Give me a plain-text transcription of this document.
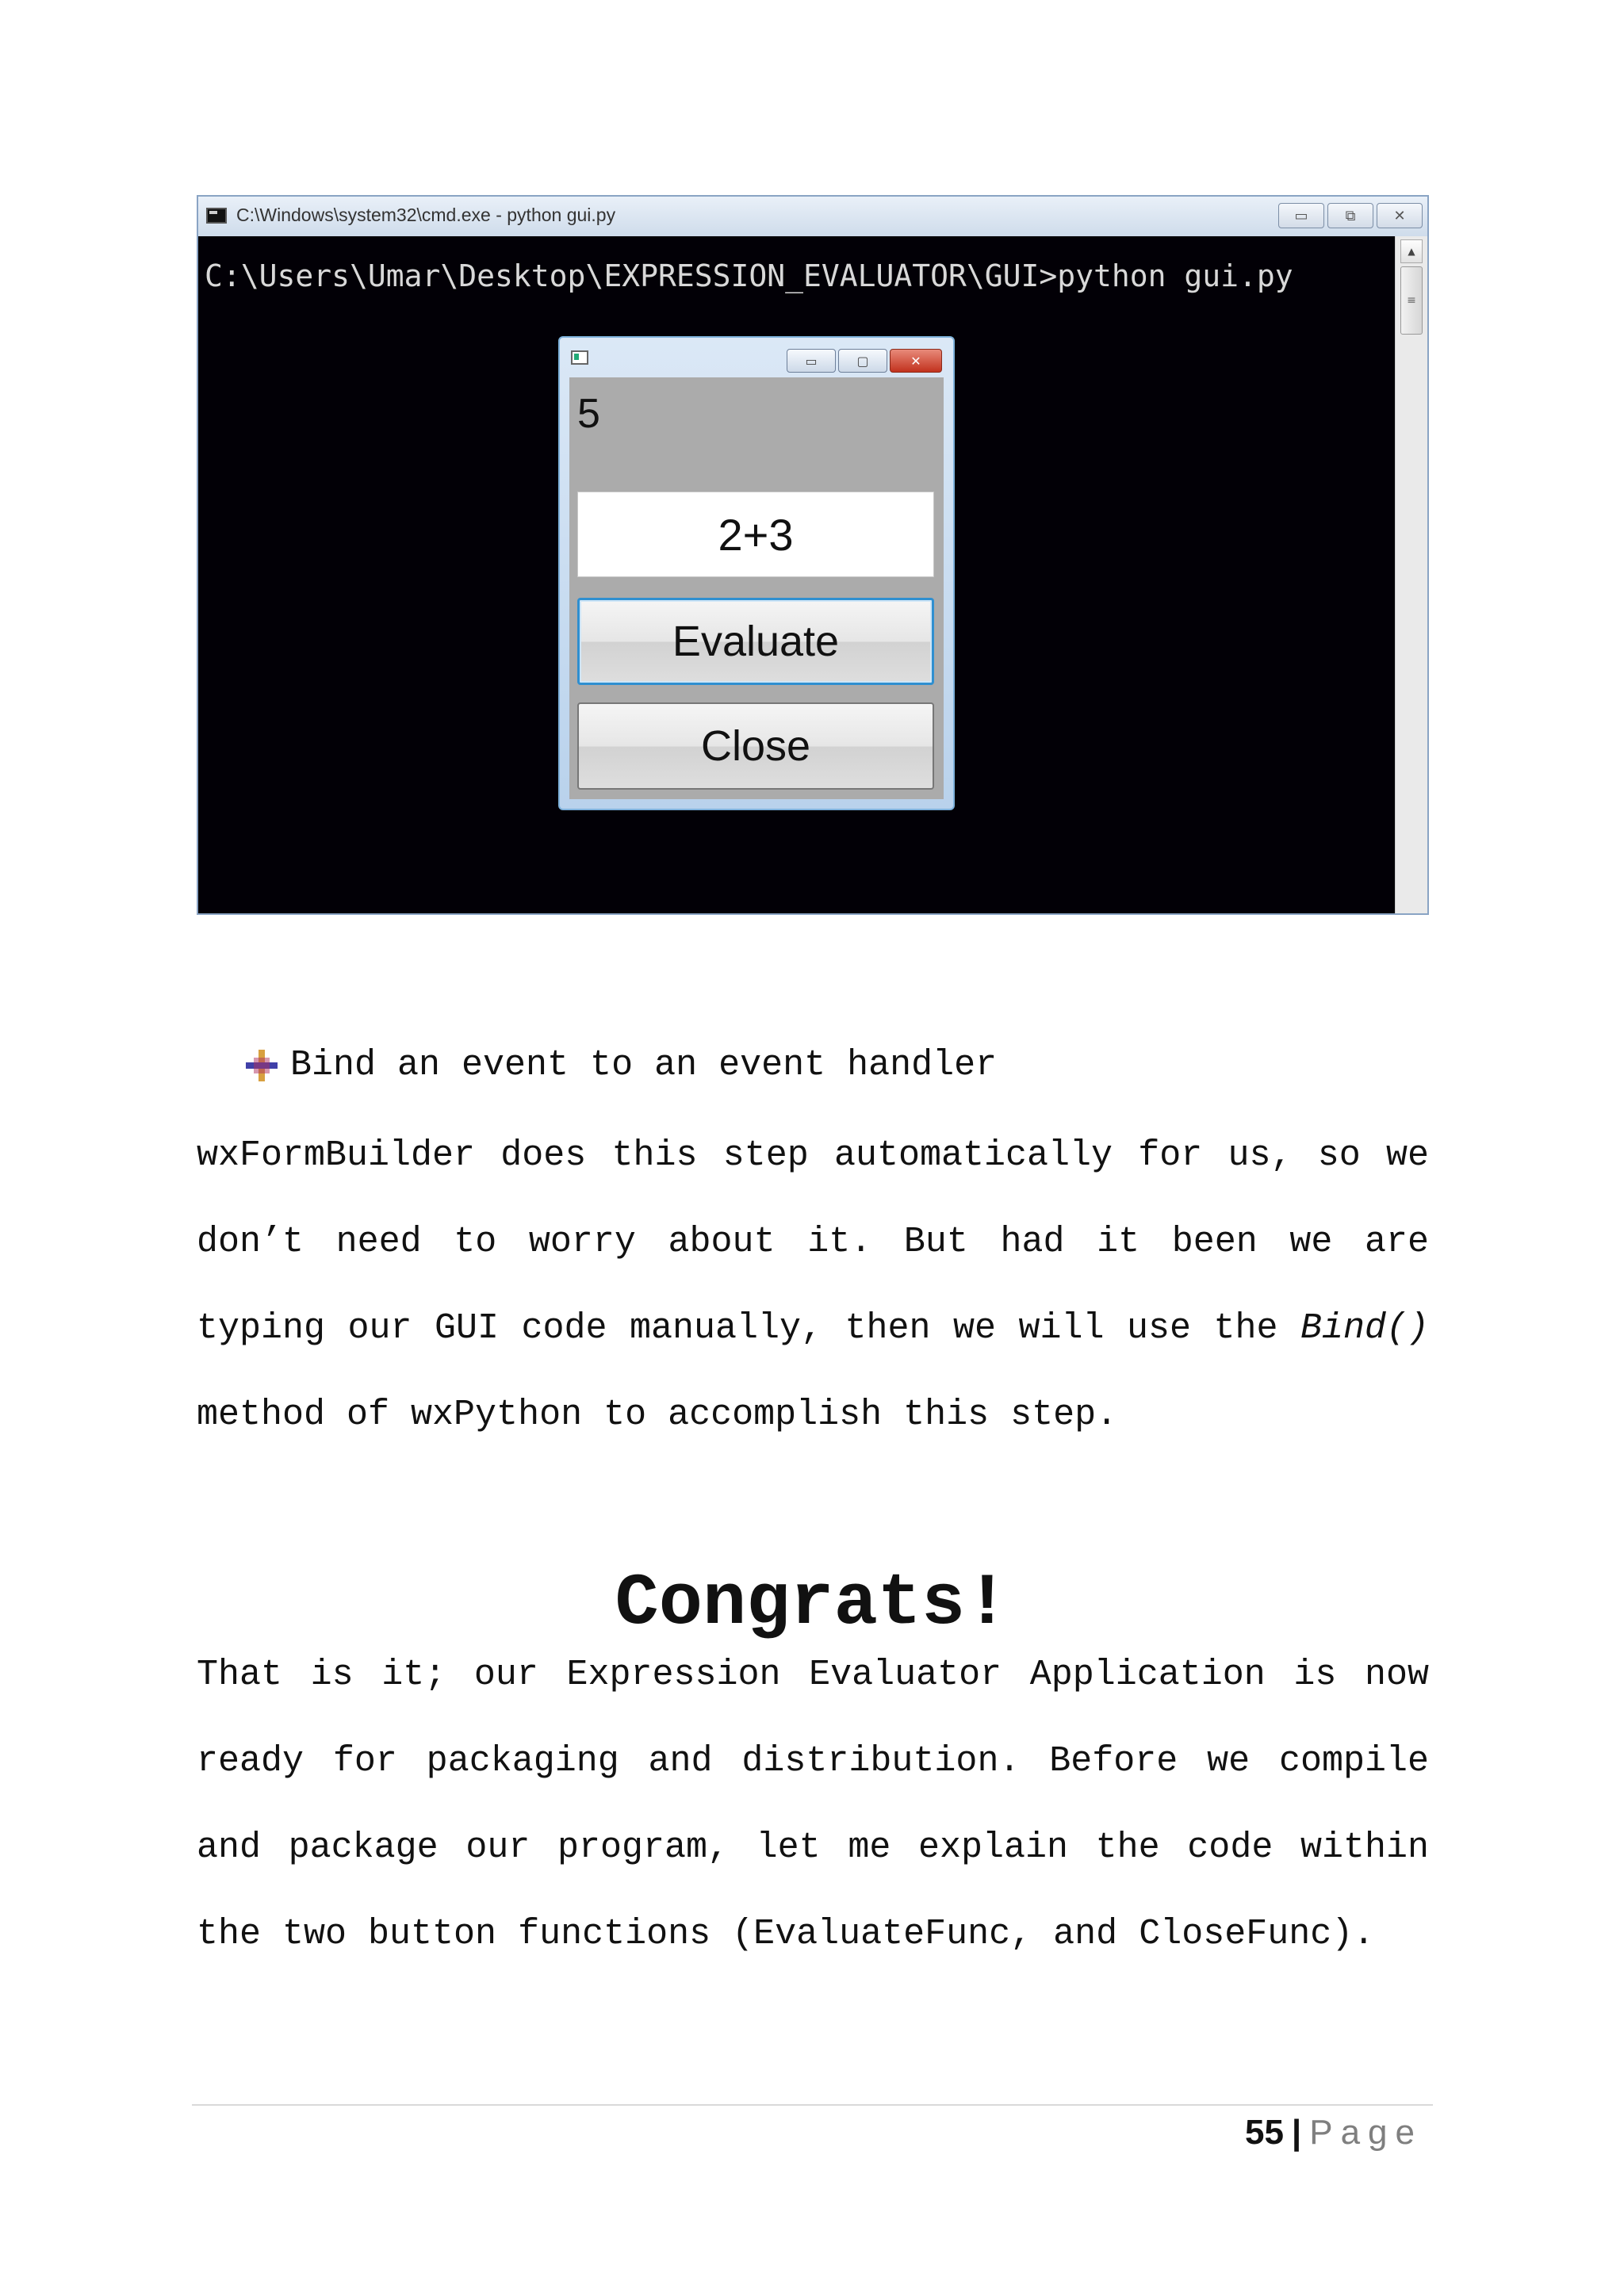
C:\Windows\system32\cmd.exe - python gui.py	▭	⧉	✕
C:\Users\Umar\Desktop\EXPRESSION_EVALUATOR\GUI>python gui.py
▲
≡
▭	▢	✕
5
2+3
Evaluate
Close
Bind an event to an event handler

wxFormBuilder does this step automatically for us, so we don’t need to worry about it. But had it been we are typing our GUI code manually, then we will use the Bind() method of wxPython to accomplish this step.

Congrats!

That is it; our Expression Evaluator Application is now ready for packaging and distribution. Before we compile and package our program, let me explain the code within the two button functions (EvaluateFunc, and CloseFunc).

55 | Page
